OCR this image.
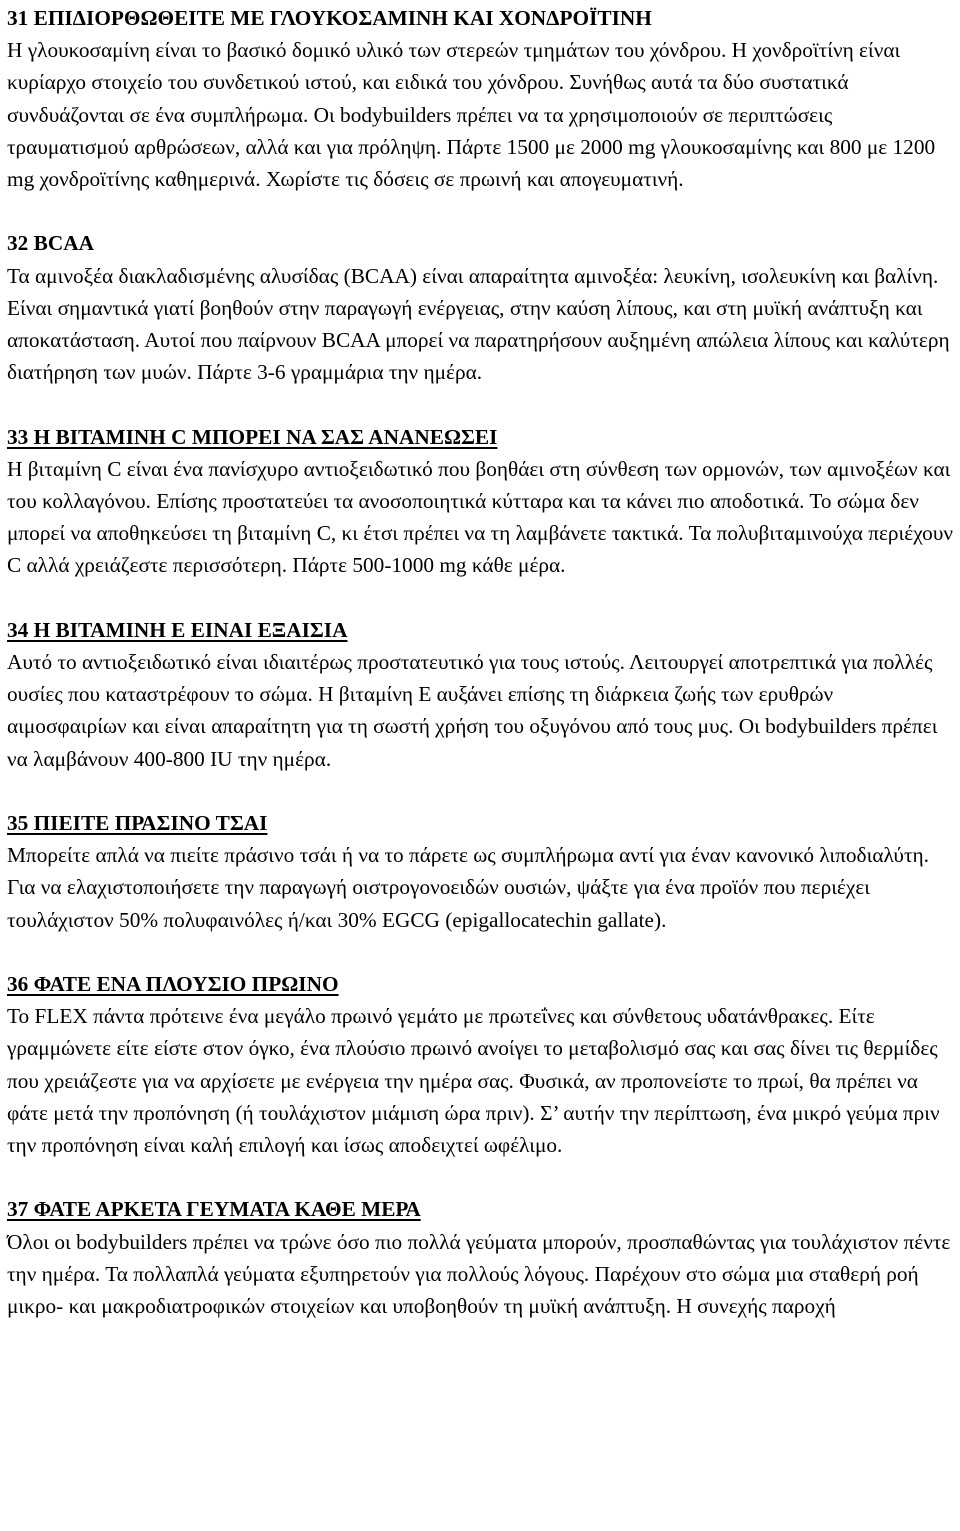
31 ΕΠΙΔΙΟΡΘΩΘΕΙΤΕ ΜΕ ΓΛΟΥΚΟΣΑΜΙΝΗ ΚΑΙ ΧΟΝΔΡΟΪΤΙΝΗ
Η γλουκοσαμίνη είναι το βασικό δομικό υλικό των στερεών τμημάτων του χόνδρου. Η χονδροϊτίνη είναι κυρίαρχο στοιχείο του συνδετικού ιστού, και ειδικά του χόνδρου. Συνήθως αυτά τα δύο συστατικά συνδυάζονται σε ένα συμπλήρωμα. Οι bodybuilders πρέπει να τα χρησιμοποιούν σε περιπτώσεις τραυματισμού αρθρώσεων, αλλά και για πρόληψη. Πάρτε 1500 με 2000 mg γλουκοσαμίνης και 800 με 1200 mg χονδροϊτίνης καθημερινά. Χωρίστε τις δόσεις σε πρωινή και απογευματινή.
32 BCAA
Τα αμινοξέα διακλαδισμένης αλυσίδας (BCAA) είναι απαραίτητα αμινοξέα: λευκίνη, ισολευκίνη και βαλίνη. Είναι σημαντικά γιατί βοηθούν στην παραγωγή ενέργειας, στην καύση λίπους, και στη μυϊκή ανάπτυξη και αποκατάσταση. Αυτοί που παίρνουν BCAA μπορεί να παρατηρήσουν αυξημένη απώλεια λίπους και καλύτερη διατήρηση των μυών. Πάρτε 3-6 γραμμάρια την ημέρα.
33 Η ΒΙΤΑΜΙΝΗ C ΜΠΟΡΕΙ ΝΑ ΣΑΣ ΑΝΑΝΕΩΣΕΙ
Η βιταμίνη C είναι ένα πανίσχυρο αντιοξειδωτικό που βοηθάει στη σύνθεση των ορμονών, των αμινοξέων και του κολλαγόνου. Επίσης προστατεύει τα ανοσοποιητικά κύτταρα και τα κάνει πιο αποδοτικά. Το σώμα δεν μπορεί να αποθηκεύσει τη βιταμίνη C, κι έτσι πρέπει να τη λαμβάνετε τακτικά. Τα πολυβιταμινούχα περιέχουν C αλλά χρειάζεστε περισσότερη. Πάρτε 500-1000 mg κάθε μέρα.
34 Η ΒΙΤΑΜΙΝΗ Ε ΕΙΝΑΙ ΕΞΑΙΣΙΑ
Αυτό το αντιοξειδωτικό είναι ιδιαιτέρως προστατευτικό για τους ιστούς. Λειτουργεί αποτρεπτικά για πολλές ουσίες που καταστρέφουν το σώμα. Η βιταμίνη Ε αυξάνει επίσης τη διάρκεια ζωής των ερυθρών αιμοσφαιρίων και είναι απαραίτητη για τη σωστή χρήση του οξυγόνου από τους μυς. Οι bodybuilders πρέπει να λαμβάνουν 400-800 IU την ημέρα.
35 ΠΙΕΙΤΕ ΠΡΑΣΙΝΟ ΤΣΑΙ
Μπορείτε απλά να πιείτε πράσινο τσάι ή να το πάρετε ως συμπλήρωμα αντί για έναν κανονικό λιποδιαλύτη. Για να ελαχιστοποιήσετε την παραγωγή οιστρογονοειδών ουσιών, ψάξτε για ένα προϊόν που περιέχει τουλάχιστον 50% πολυφαινόλες ή/και 30% EGCG (epigallocatechin gallate).
36 ΦΑΤΕ ΕΝΑ ΠΛΟΥΣΙΟ ΠΡΩΙΝΟ
Το FLEX πάντα πρότεινε ένα μεγάλο πρωινό γεμάτο με πρωτεΐνες και σύνθετους υδατάνθρακες. Είτε γραμμώνετε είτε είστε στον όγκο, ένα πλούσιο πρωινό ανοίγει το μεταβολισμό σας και σας δίνει τις θερμίδες που χρειάζεστε για να αρχίσετε με ενέργεια την ημέρα σας. Φυσικά, αν προπονείστε το πρωί, θα πρέπει να φάτε μετά την προπόνηση (ή τουλάχιστον μιάμιση ώρα πριν). Σ’ αυτήν την περίπτωση, ένα μικρό γεύμα πριν την προπόνηση είναι καλή επιλογή και ίσως αποδειχτεί ωφέλιμο.
37 ΦΑΤΕ ΑΡΚΕΤΑ ΓΕΥΜΑΤΑ ΚΑΘΕ ΜΕΡΑ
Όλοι οι bodybuilders πρέπει να τρώνε όσο πιο πολλά γεύματα μπορούν, προσπαθώντας για τουλάχιστον πέντε την ημέρα. Τα πολλαπλά γεύματα εξυπηρετούν για πολλούς λόγους. Παρέχουν στο σώμα μια σταθερή ροή μικρο- και μακροδιατροφικών στοιχείων και υποβοηθούν τη μυϊκή ανάπτυξη. Η συνεχής παροχή
